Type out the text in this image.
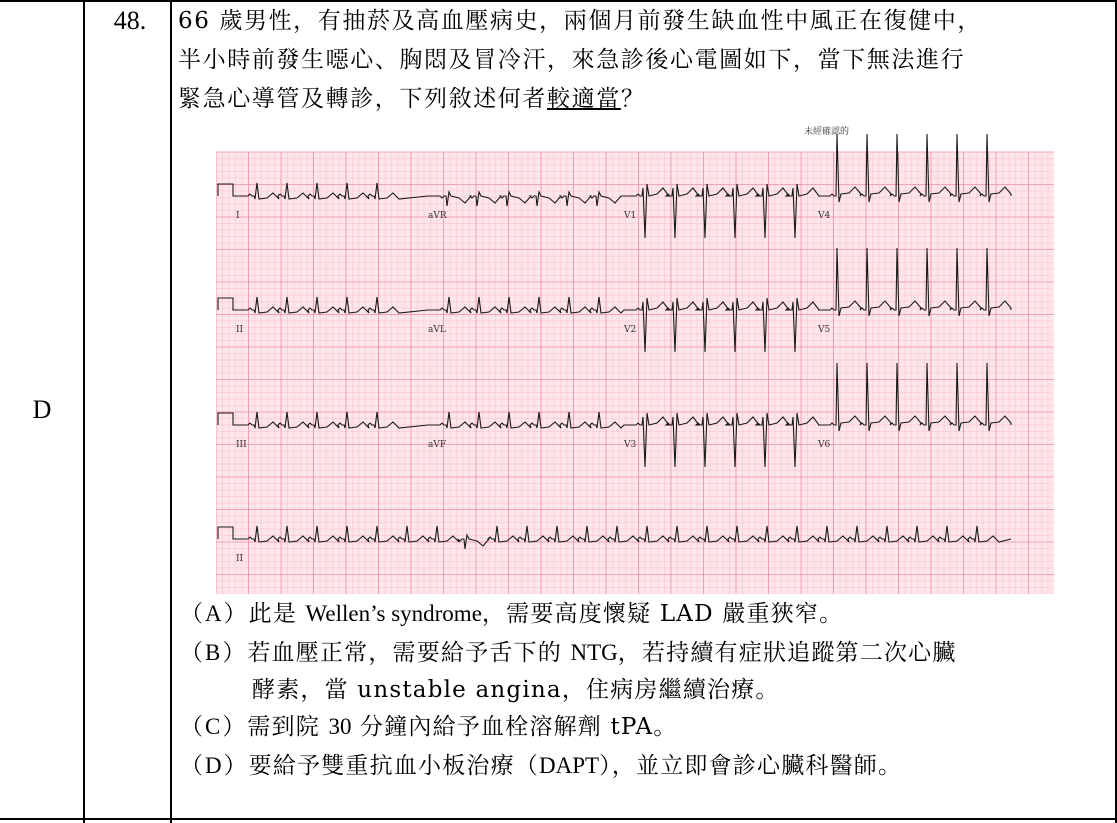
D
48.	66 歲男性，有抽菸及高血壓病史，兩個月前發生缺血性中風正在復健中，
半小時前發生噁心、胸悶及冒冷汗，來急診後心電圖如下，當下無法進行
緊急心導管及轉診，下列敘述何者較適當？
未經確認的
I	aVR	V1	V4
II	aVL	V2	V5
III	aVF	V3	V6
II
（A）此是 Wellen’s syndrome，需要高度懷疑 LAD 嚴重狹窄。
（B）若血壓正常，需要給予舌下的 NTG，若持續有症狀追蹤第二次心臟
酵素，當 unstable angina，住病房繼續治療。
（C）需到院 30 分鐘內給予血栓溶解劑 tPA。
（D）要給予雙重抗血小板治療（DAPT），並立即會診心臟科醫師。
